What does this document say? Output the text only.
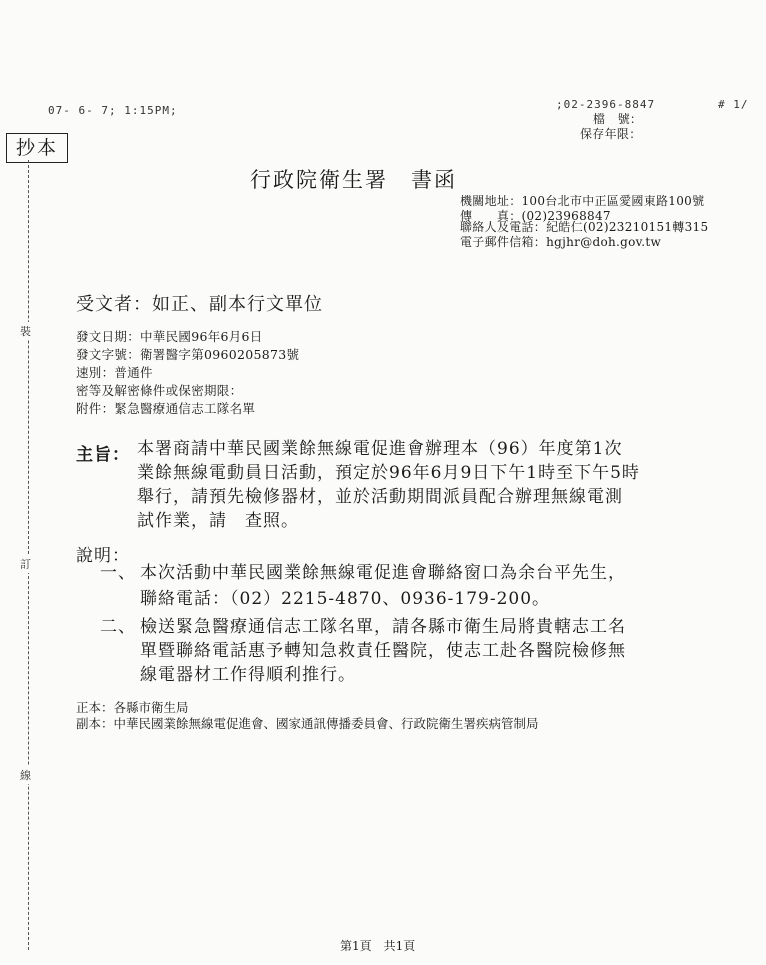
07- 6- 7; 1:15PM;	;02-2396-8847	# 1/
檔　號：
保存年限：
抄本
裝
訂
線
行政院衛生署　書函
機關地址：100台北市中正區愛國東路100號
傳　　真：(02)23968847
聯絡人及電話：紀皓仁(02)23210151轉315
電子郵件信箱：hgjhr@doh.gov.tw
受文者：如正、副本行文單位
發文日期：中華民國96年6月6日
發文字號：衛署醫字第0960205873號
速別：普通件
密等及解密條件或保密期限：
附件：緊急醫療通信志工隊名單
主旨： 本署商請中華民國業餘無線電促進會辦理本（96）年度第1次
業餘無線電動員日活動，預定於96年6月9日下午1時至下午5時
舉行，請預先檢修器材，並於活動期間派員配合辦理無線電測
試作業，請　查照。
說明：
一、 本次活動中華民國業餘無線電促進會聯絡窗口為余台平先生，
聯絡電話：（02）2215-4870、0936-179-200。
二、 檢送緊急醫療通信志工隊名單，請各縣市衛生局將貴轄志工名
單暨聯絡電話惠予轉知急救責任醫院，使志工赴各醫院檢修無
線電器材工作得順利推行。
正本：各縣市衛生局
副本：中華民國業餘無線電促進會、國家通訊傳播委員會、行政院衛生署疾病管制局
第1頁　共1頁
